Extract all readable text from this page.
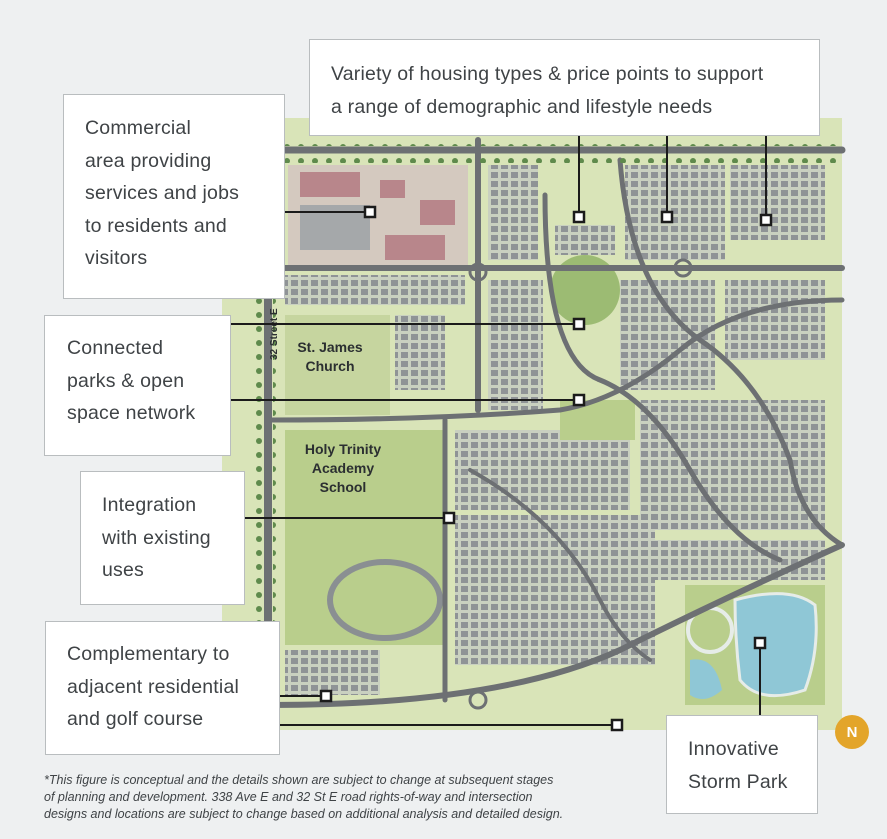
32 Street E St. James
Church
Holy Trinity
Academy
School
Variety of housing types & price points to support
a range of demographic and lifestyle needs
Commercial
area providing
services and jobs
to residents and
visitors
Connected
parks & open
space network
Integration
with existing
uses
Complementary to
adjacent residential
and golf course
Innovative
Storm Park
N
*This figure is conceptual and the details shown are subject to change at subsequent stages
of planning and development. 338 Ave E and 32 St E road rights-of-way and intersection
designs and locations are subject to change based on additional analysis and detailed design.
